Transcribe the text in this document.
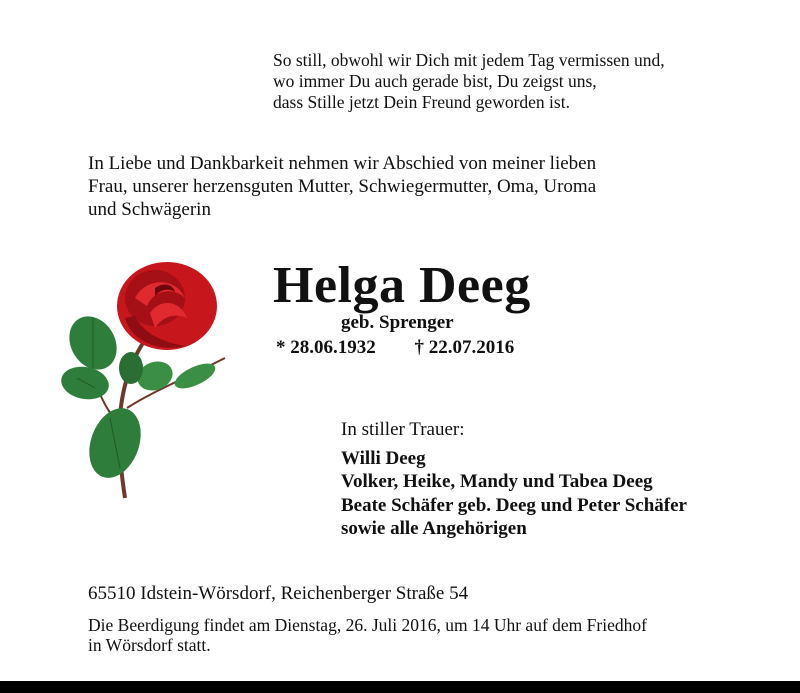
So still, obwohl wir Dich mit jedem Tag vermissen und,
wo immer Du auch gerade bist, Du zeigst uns,
dass Stille jetzt Dein Freund geworden ist.
In Liebe und Dankbarkeit nehmen wir Abschied von meiner lieben
Frau, unserer herzensguten Mutter, Schwiegermutter, Oma, Uroma
und Schwägerin
Helga Deeg
geb. Sprenger
* 28.06.1932 † 22.07.2016
In stiller Trauer:
Willi Deeg
Volker, Heike, Mandy und Tabea Deeg
Beate Schäfer geb. Deeg und Peter Schäfer
sowie alle Angehörigen
65510 Idstein-Wörsdorf, Reichenberger Straße 54
Die Beerdigung findet am Dienstag, 26. Juli 2016, um 14 Uhr auf dem Friedhof
in Wörsdorf statt.
